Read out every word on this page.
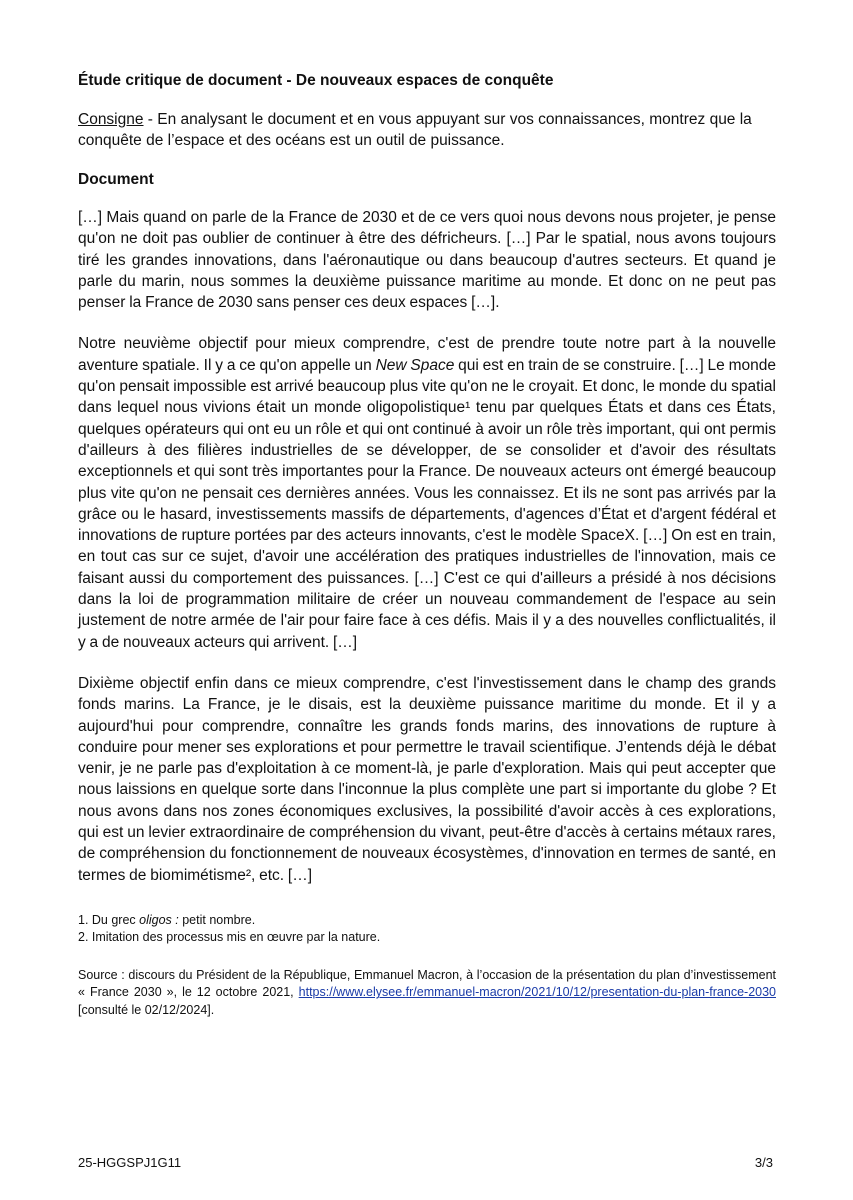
Étude critique de document - De nouveaux espaces de conquête
Consigne - En analysant le document et en vous appuyant sur vos connaissances, montrez que la conquête de l’espace et des océans est un outil de puissance.
Document

[…] Mais quand on parle de la France de 2030 et de ce vers quoi nous devons nous projeter, je pense qu'on ne doit pas oublier de continuer à être des défricheurs. […] Par le spatial, nous avons toujours tiré les grandes innovations, dans l'aéronautique ou dans beaucoup d'autres secteurs. Et quand je parle du marin, nous sommes la deuxième puissance maritime au monde. Et donc on ne peut pas penser la France de 2030 sans penser ces deux espaces […].

Notre neuvième objectif pour mieux comprendre, c'est de prendre toute notre part à la nouvelle aventure spatiale. Il y a ce qu'on appelle un New Space qui est en train de se construire. […] Le monde qu'on pensait impossible est arrivé beaucoup plus vite qu'on ne le croyait. Et donc, le monde du spatial dans lequel nous vivions était un monde oligopolistique¹ tenu par quelques États et dans ces États, quelques opérateurs qui ont eu un rôle et qui ont continué à avoir un rôle très important, qui ont permis d'ailleurs à des filières industrielles de se développer, de se consolider et d'avoir des résultats exceptionnels et qui sont très importantes pour la France. De nouveaux acteurs ont émergé beaucoup plus vite qu'on ne pensait ces dernières années. Vous les connaissez. Et ils ne sont pas arrivés par la grâce ou le hasard, investissements massifs de départements, d'agences d’État et d'argent fédéral et innovations de rupture portées par des acteurs innovants, c'est le modèle SpaceX. […] On est en train, en tout cas sur ce sujet, d'avoir une accélération des pratiques industrielles de l'innovation, mais ce faisant aussi du comportement des puissances. […] C'est ce qui d'ailleurs a présidé à nos décisions dans la loi de programmation militaire de créer un nouveau commandement de l'espace au sein justement de notre armée de l'air pour faire face à ces défis. Mais il y a des nouvelles conflictualités, il y a de nouveaux acteurs qui arrivent. […]

Dixième objectif enfin dans ce mieux comprendre, c'est l'investissement dans le champ des grands fonds marins. La France, je le disais, est la deuxième puissance maritime du monde. Et il y a aujourd'hui pour comprendre, connaître les grands fonds marins, des innovations de rupture à conduire pour mener ses explorations et pour permettre le travail scientifique. J’entends déjà le débat venir, je ne parle pas d'exploitation à ce moment-là, je parle d'exploration. Mais qui peut accepter que nous laissions en quelque sorte dans l'inconnue la plus complète une part si importante du globe ? Et nous avons dans nos zones économiques exclusives, la possibilité d'avoir accès à ces explorations, qui est un levier extraordinaire de compréhension du vivant, peut-être d'accès à certains métaux rares, de compréhension du fonctionnement de nouveaux écosystèmes, d'innovation en termes de santé, en termes de biomimétisme², etc. […]

1. Du grec oligos : petit nombre.
2. Imitation des processus mis en œuvre par la nature.
Source : discours du Président de la République, Emmanuel Macron, à l’occasion de la présentation du plan d’investissement « France 2030 », le 12 octobre 2021, https://www.elysee.fr/emmanuel-macron/2021/10/12/presentation-du-plan-france-2030 [consulté le 02/12/2024].
25-HGGSPJ1G11	3/3
